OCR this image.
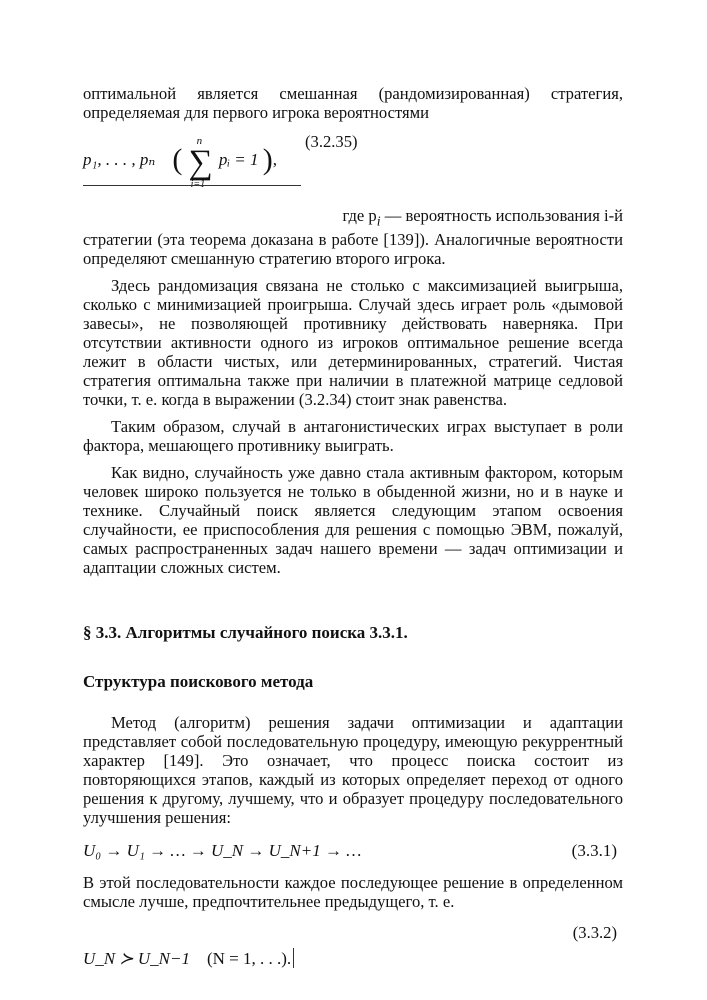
оптимальной является смешанная (рандомизированная) стратегия, определяемая для первого игрока вероятностями

p₁, . . . , pₙ (
n
∑
i=1
pᵢ = 1 ),
(3.2.35)

где $p_i$ — вероятность использования i-й

стратегии (эта теорема доказана в работе [139]). Аналогичные вероятности определяют смешанную стратегию второго игрока.

Здесь рандомизация связана не столько с максимизацией выигрыша, сколько с минимизацией проигрыша. Случай здесь играет роль «дымовой завесы», не позволяющей противнику действовать наверняка. При отсутствии активности одного из игроков оптимальное решение всегда лежит в области чистых, или детерминированных, стратегий. Чистая стратегия оптимальна также при наличии в платежной матрице седловой точки, т. е. когда в выражении (3.2.34) стоит знак равенства.

Таким образом, случай в антагонистических играх выступает в роли фактора, мешающего противнику выиграть.

Как видно, случайность уже давно стала активным фактором, которым человек широко пользуется не только в обыденной жизни, но и в науке и технике. Случайный поиск является следующим этапом освоения случайности, ее приспособления для решения с помощью ЭВМ, пожалуй, самых распространенных задач нашего времени — задач оптимизации и адаптации сложных систем.

§ 3.3. Алгоритмы случайного поиска 3.3.1.

Структура поискового метода

Метод (алгоритм) решения задачи оптимизации и адаптации представляет собой последовательную процедуру, имеющую рекуррентный характер [149]. Это означает, что процесс поиска состоит из повторяющихся этапов, каждый из которых определяет переход от одного решения к другому, лучшему, что и образует процедуру последовательного улучшения решения:

U₀ → U₁ → … → U_N → U_N+1 → …	(3.3.1)

В этой последовательности каждое последующее решение в определенном смысле лучше, предпочтительнее предыдущего, т. е.

(3.3.2)
U_N ≻ U_N−1 (N = 1, . . .).
